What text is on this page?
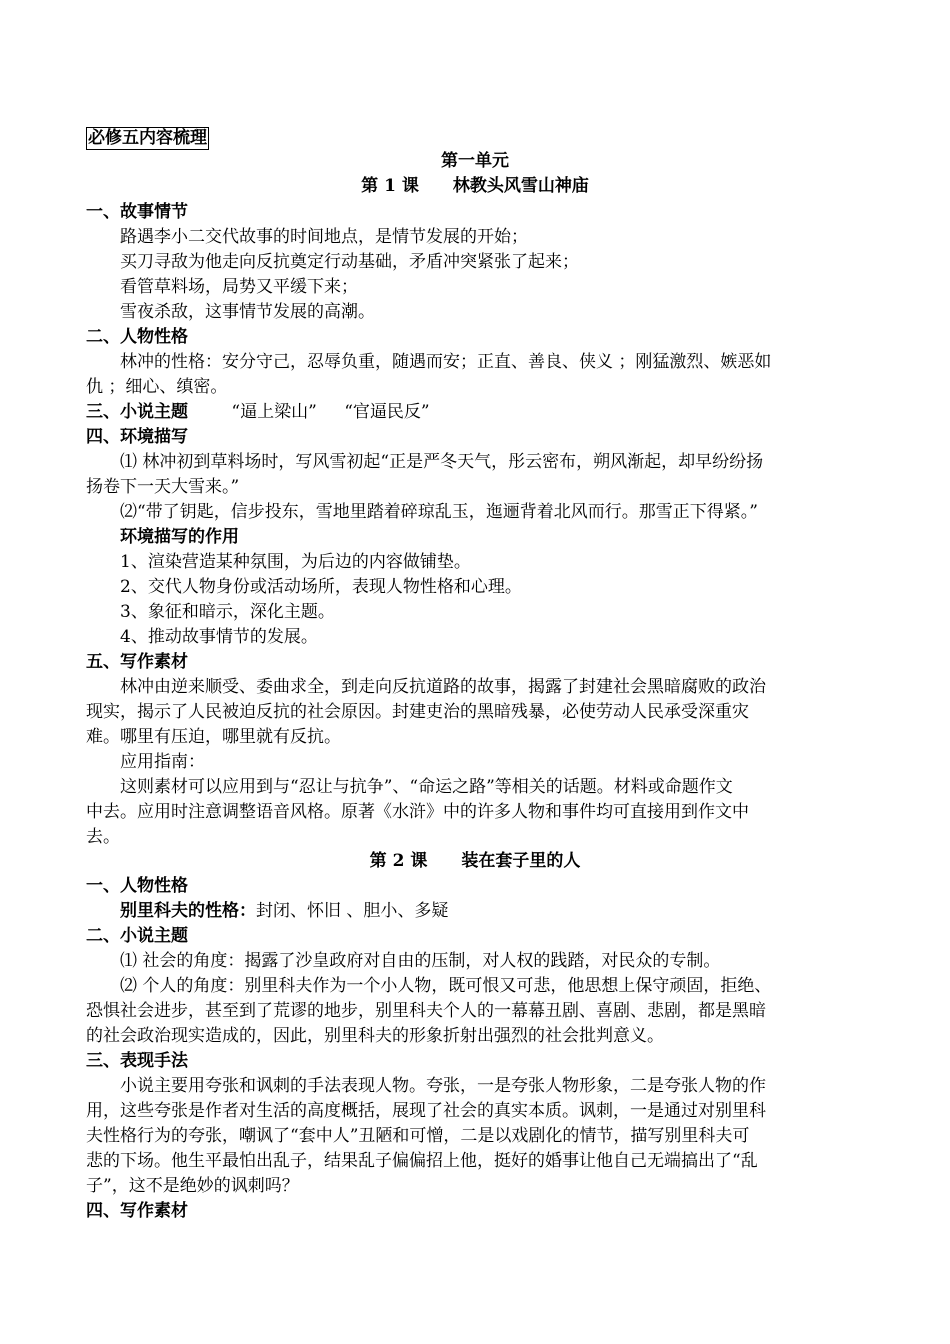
必修五内容梳理
第一单元
第 1 课　　林教头风雪山神庙
一、故事情节
路遇李小二交代故事的时间地点，是情节发展的开始；
买刀寻敌为他走向反抗奠定行动基础，矛盾冲突紧张了起来；
看管草料场，局势又平缓下来；
雪夜杀敌，这事情节发展的高潮。
二、人物性格
林冲的性格：安分守己，忍辱负重，随遇而安；正直、善良、侠义 ；刚猛激烈、嫉恶如
仇 ；细心、缜密。
三、小说主题	“逼上梁山” “官逼民反”
四、环境描写
⑴ 林冲初到草料场时，写风雪初起“正是严冬天气，彤云密布，朔风渐起，却早纷纷扬
扬卷下一天大雪来。”
⑵“带了钥匙，信步投东，雪地里踏着碎琼乱玉，迤逦背着北风而行。那雪正下得紧。”
环境描写的作用
1、渲染营造某种氛围，为后边的内容做铺垫。
2、交代人物身份或活动场所，表现人物性格和心理。
3、象征和暗示，深化主题。
4、推动故事情节的发展。
五、写作素材
林冲由逆来顺受、委曲求全，到走向反抗道路的故事，揭露了封建社会黑暗腐败的政治
现实，揭示了人民被迫反抗的社会原因。封建吏治的黑暗残暴，必使劳动人民承受深重灾
难。哪里有压迫，哪里就有反抗。
应用指南：
这则素材可以应用到与“忍让与抗争”、“命运之路”等相关的话题。材料或命题作文
中去。应用时注意调整语音风格。原著《水浒》中的许多人物和事件均可直接用到作文中
去。
第 2 课　　装在套子里的人
一、人物性格
别里科夫的性格：封闭、怀旧 、胆小、多疑
二、小说主题
⑴ 社会的角度：揭露了沙皇政府对自由的压制，对人权的践踏，对民众的专制。
⑵ 个人的角度：别里科夫作为一个小人物，既可恨又可悲，他思想上保守顽固，拒绝、
恐惧社会进步，甚至到了荒谬的地步，别里科夫个人的一幕幕丑剧、喜剧、悲剧，都是黑暗
的社会政治现实造成的，因此，别里科夫的形象折射出强烈的社会批判意义。
三、表现手法
小说主要用夸张和讽刺的手法表现人物。夸张，一是夸张人物形象，二是夸张人物的作
用，这些夸张是作者对生活的高度概括，展现了社会的真实本质。讽刺，一是通过对别里科
夫性格行为的夸张，嘲讽了“套中人”丑陋和可憎，二是以戏剧化的情节，描写别里科夫可
悲的下场。他生平最怕出乱子，结果乱子偏偏招上他，挺好的婚事让他自己无端搞出了“乱
子”，这不是绝妙的讽刺吗？
四、写作素材
